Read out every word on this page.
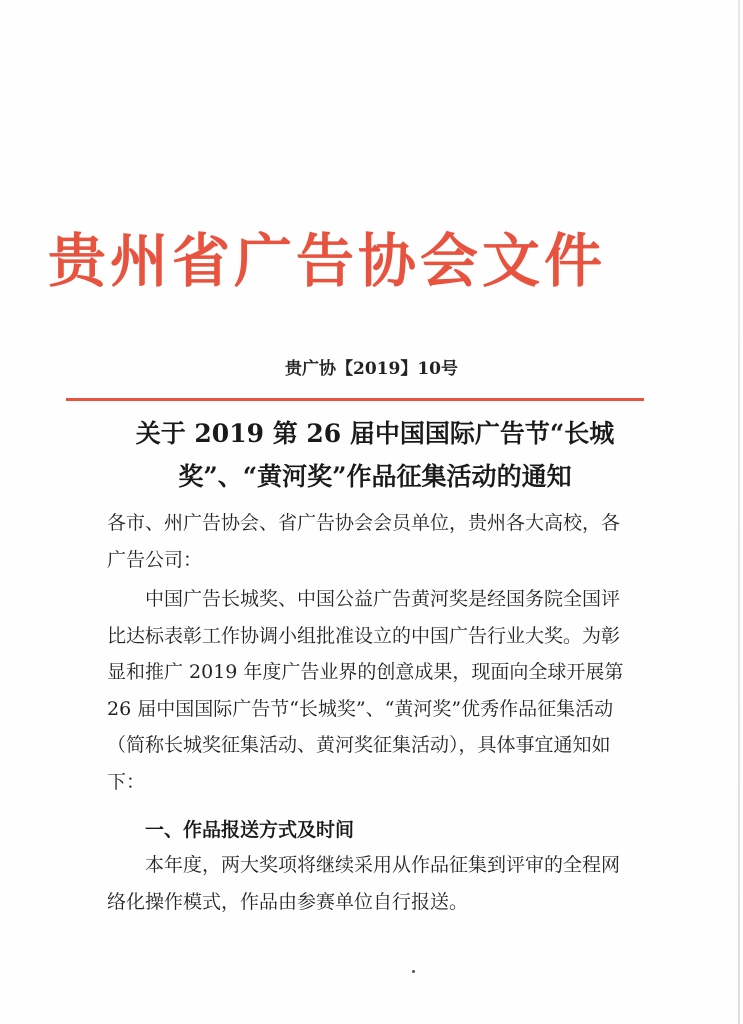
贵州省广告协会文件
贵广协【2019】10号
关于 2019 第 26 届中国国际广告节“长城
奖”、“黄河奖”作品征集活动的通知
各市、州广告协会、省广告协会会员单位，贵州各大高校，各广告公司：
中国广告长城奖、中国公益广告黄河奖是经国务院全国评比达标表彰工作协调小组批准设立的中国广告行业大奖。为彰显和推广 2019 年度广告业界的创意成果，现面向全球开展第 26 届中国国际广告节“长城奖”、“黄河奖”优秀作品征集活动（简称长城奖征集活动、黄河奖征集活动），具体事宜通知如下：
一、作品报送方式及时间
本年度，两大奖项将继续采用从作品征集到评审的全程网络化操作模式，作品由参赛单位自行报送。
